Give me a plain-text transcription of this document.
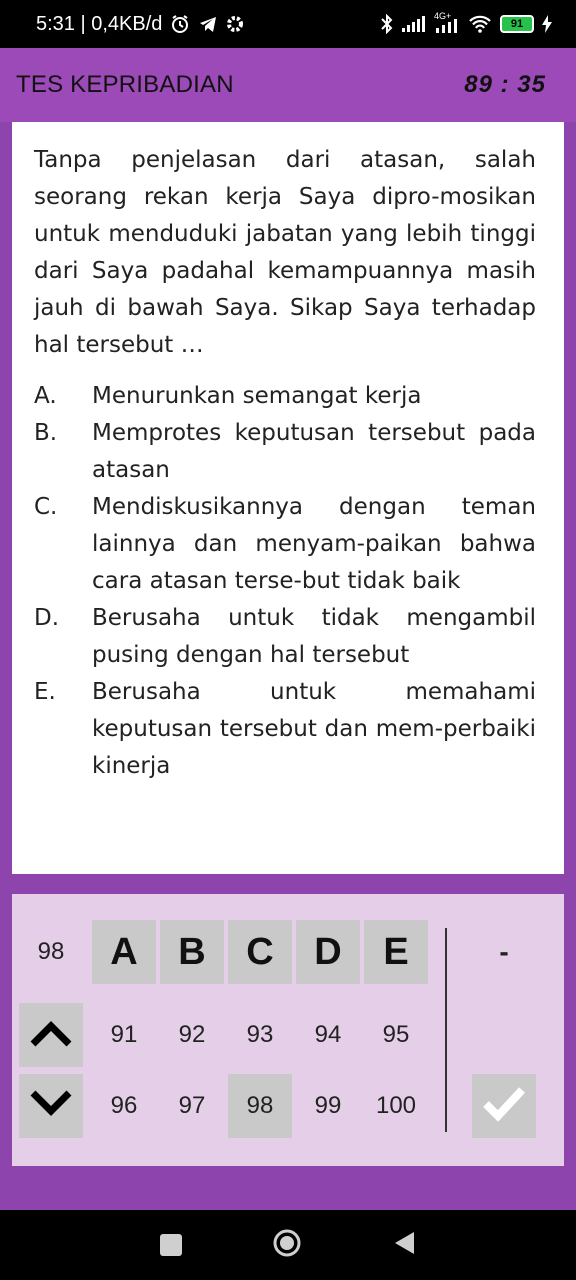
5:31 | 0,4KB/d	4G+
91
TES KEPRIBADIAN	89 : 35

Tanpa penjelasan dari atasan, salah seorang rekan kerja Saya dipro-mosikan untuk menduduki jabatan yang lebih tinggi dari Saya padahal kemampuannya masih jauh di bawah Saya. Sikap Saya terhadap hal tersebut …

A.	Menurunkan semangat kerja
B.	Memprotes keputusan tersebut pada atasan
C.	Mendiskusikannya dengan teman lainnya dan menyam-paikan bahwa cara atasan terse-but tidak baik
D.	Berusaha untuk tidak mengambil pusing dengan hal tersebut
E.	Berusaha untuk memahami keputusan tersebut dan mem-perbaiki kinerja
98	A	B	C	D	E
91	92	93	94	95
96	97	98	99	100
-
